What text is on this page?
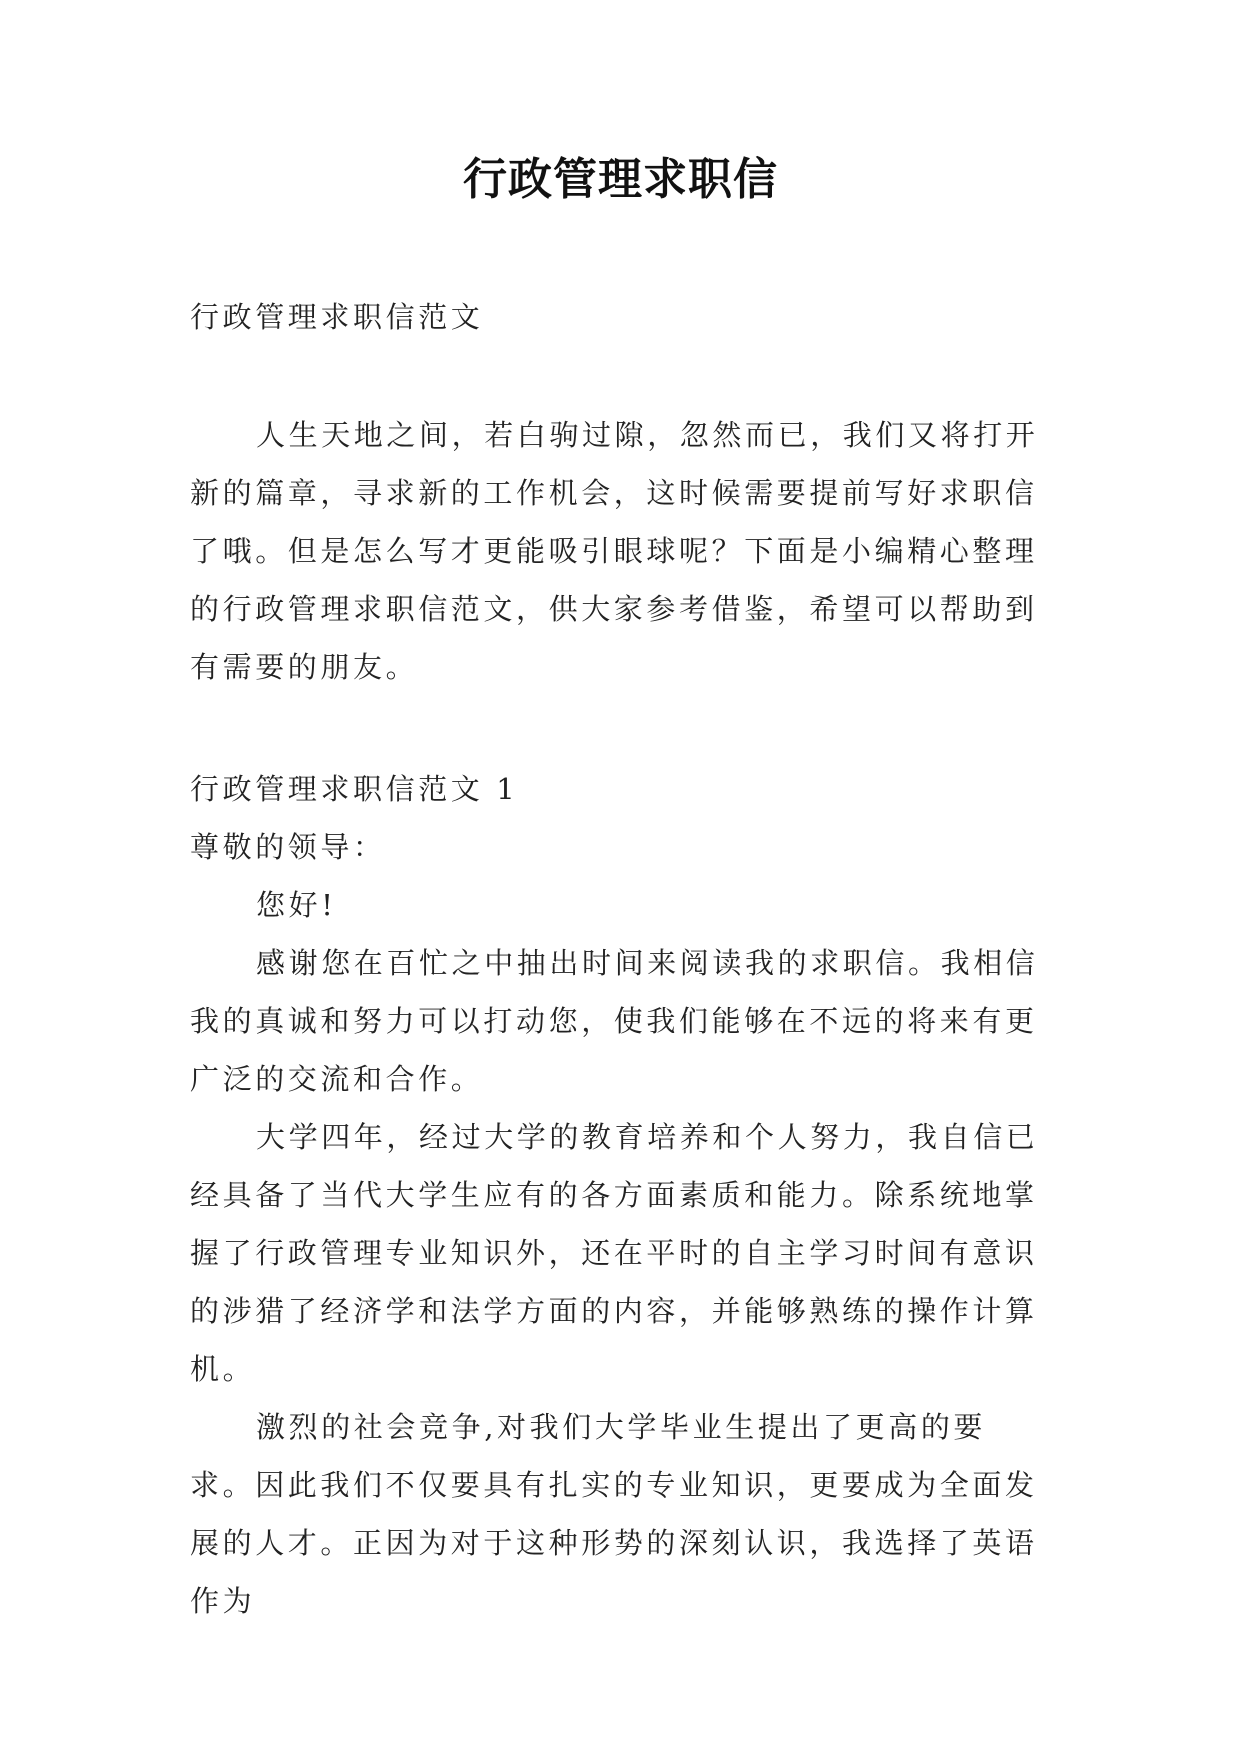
行政管理求职信

行政管理求职信范文

人生天地之间，若白驹过隙，忽然而已，我们又将打开新的篇章，寻求新的工作机会，这时候需要提前写好求职信了哦。但是怎么写才更能吸引眼球呢？下面是小编精心整理的行政管理求职信范文，供大家参考借鉴，希望可以帮助到有需要的朋友。

行政管理求职信范文 1

尊敬的领导：

您好!

感谢您在百忙之中抽出时间来阅读我的求职信。我相信我的真诚和努力可以打动您，使我们能够在不远的将来有更广泛的交流和合作。

大学四年，经过大学的教育培养和个人努力，我自信已经具备了当代大学生应有的各方面素质和能力。除系统地掌握了行政管理专业知识外，还在平时的自主学习时间有意识的涉猎了经济学和法学方面的内容，并能够熟练的操作计算机。

激烈的社会竞争,对我们大学毕业生提出了更高的要求。因此我们不仅要具有扎实的专业知识，更要成为全面发展的人才。正因为对于这种形势的深刻认识，我选择了英语作为
